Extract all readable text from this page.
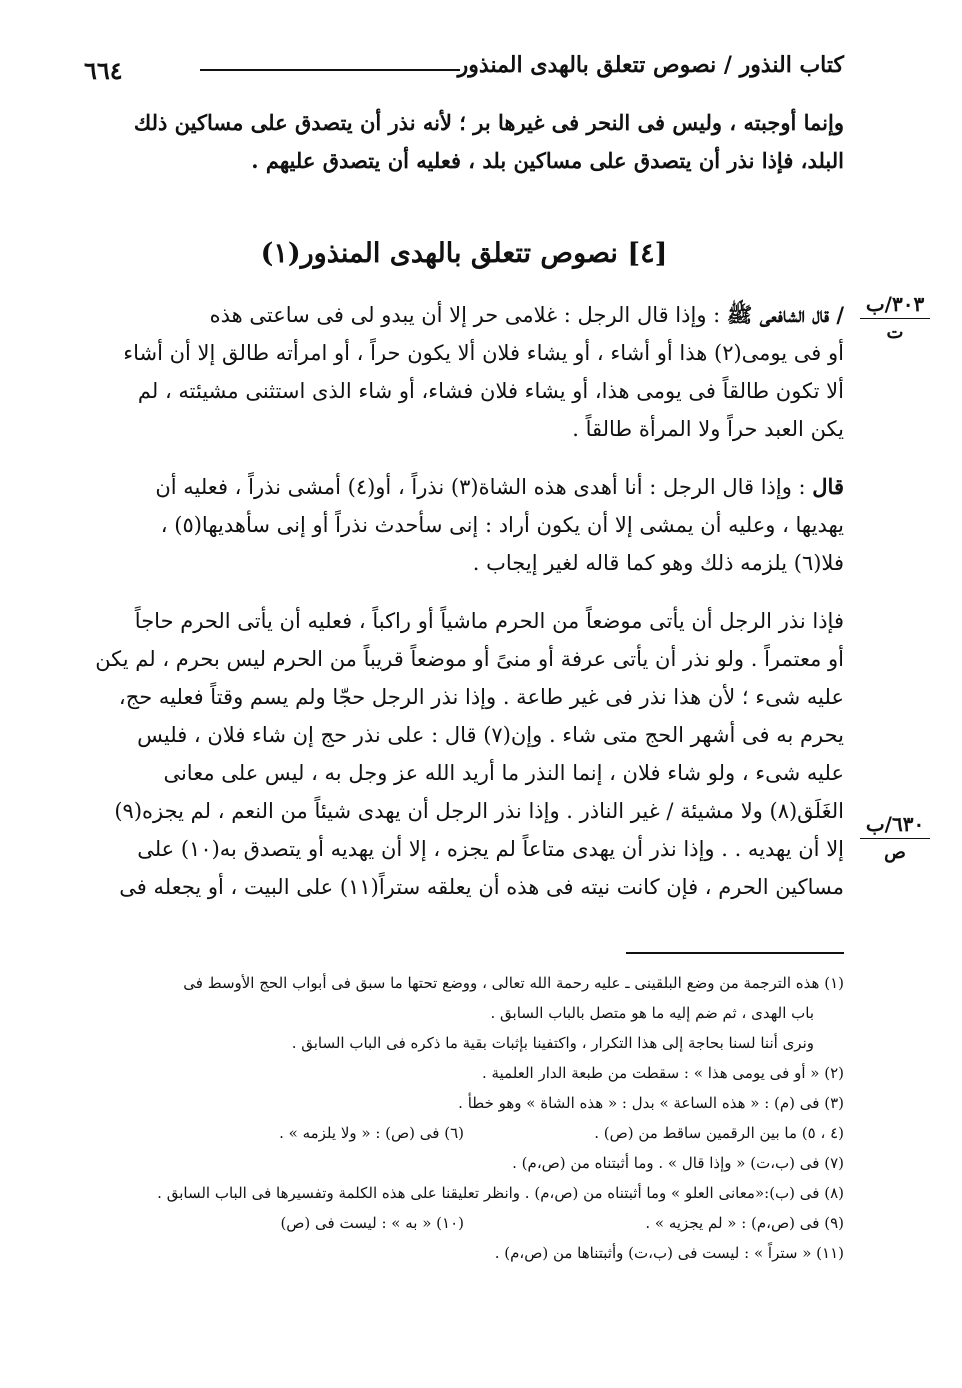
كتاب النذور / نصوص تتعلق بالهدى المنذور
٦٦٤
وإنما أوجبته ، وليس فى النحر فى غيرها بر ؛ لأنه نذر أن يتصدق على مساكين ذلك
البلد، فإذا نذر أن يتصدق على مساكين بلد ، فعليه أن يتصدق عليهم .
[٤] نصوص تتعلق بالهدى المنذور(١)
٣٠٣/ب
ت
/ قال الشافعى ﷺ : وإذا قال الرجل : غلامى حر إلا أن يبدو لى فى ساعتى هذه
أو فى يومى(٢) هذا أو أشاء ، أو يشاء فلان ألا يكون حراً ، أو امرأته طالق إلا أن أشاء
ألا تكون طالقاً فى يومى هذا، أو يشاء فلان فشاء، أو شاء الذى استثنى مشيئته ، لم
يكن العبد حراً ولا المرأة طالقاً .
قال : وإذا قال الرجل : أنا أهدى هذه الشاة(٣) نذراً ، أو(٤) أمشى نذراً ، فعليه أن
يهديها ، وعليه أن يمشى إلا أن يكون أراد : إنى سأحدث نذراً أو إنى سأهديها(٥) ،
فلا(٦) يلزمه ذلك وهو كما قاله لغير إيجاب .
٦٣٠/ب
ص
فإذا نذر الرجل أن يأتى موضعاً من الحرم ماشياً أو راكباً ، فعليه أن يأتى الحرم حاجاً
أو معتمراً . ولو نذر أن يأتى عرفة أو منىً أو موضعاً قريباً من الحرم ليس بحرم ، لم يكن
عليه شىء ؛ لأن هذا نذر فى غير طاعة . وإذا نذر الرجل حجّا ولم يسم وقتاً فعليه حج،
يحرم به فى أشهر الحج متى شاء . وإن(٧) قال : على نذر حج إن شاء فلان ، فليس
عليه شىء ، ولو شاء فلان ، إنما النذر ما أريد الله عز وجل به ، ليس على معانى
الغَلَق(٨) ولا مشيئة / غير الناذر . وإذا نذر الرجل أن يهدى شيئاً من النعم ، لم يجزه(٩)
إلا أن يهديه . . وإذا نذر أن يهدى متاعاً لم يجزه ، إلا أن يهديه أو يتصدق به(١٠) على
مساكين الحرم ، فإن كانت نيته فى هذه أن يعلقه ستراً(١١) على البيت ، أو يجعله فى
(١) هذه الترجمة من وضع البلقينى ـ عليه رحمة الله تعالى ، ووضع تحتها ما سبق فى أبواب الحج الأوسط فى
باب الهدى ، ثم ضم إليه ما هو متصل بالباب السابق .
ونرى أننا لسنا بحاجة إلى هذا التكرار ، واكتفينا بإثبات بقية ما ذكره فى الباب السابق .
(٢) « أو فى يومى هذا » : سقطت من طبعة الدار العلمية .
(٣) فى (م) : « هذه الساعة » بدل : « هذه الشاة » وهو خطأ .
(٤ ، ٥) ما بين الرقمين ساقط من (ص) .
(٦) فى (ص) : « ولا يلزمه » .
(٧) فى (ب،ت) « وإذا قال » . وما أثبتناه من (ص،م) .
(٨) فى (ب):«معانى العلو » وما أثبتناه من (ص،م) . وانظر تعليقنا على هذه الكلمة وتفسيرها فى الباب السابق .
(٩) فى (ص،م) : « لم يجزيه » .
(١٠) « به » : ليست فى (ص)
(١١) « ستراً » : ليست فى (ب،ت) وأثبتناها من (ص،م) .
